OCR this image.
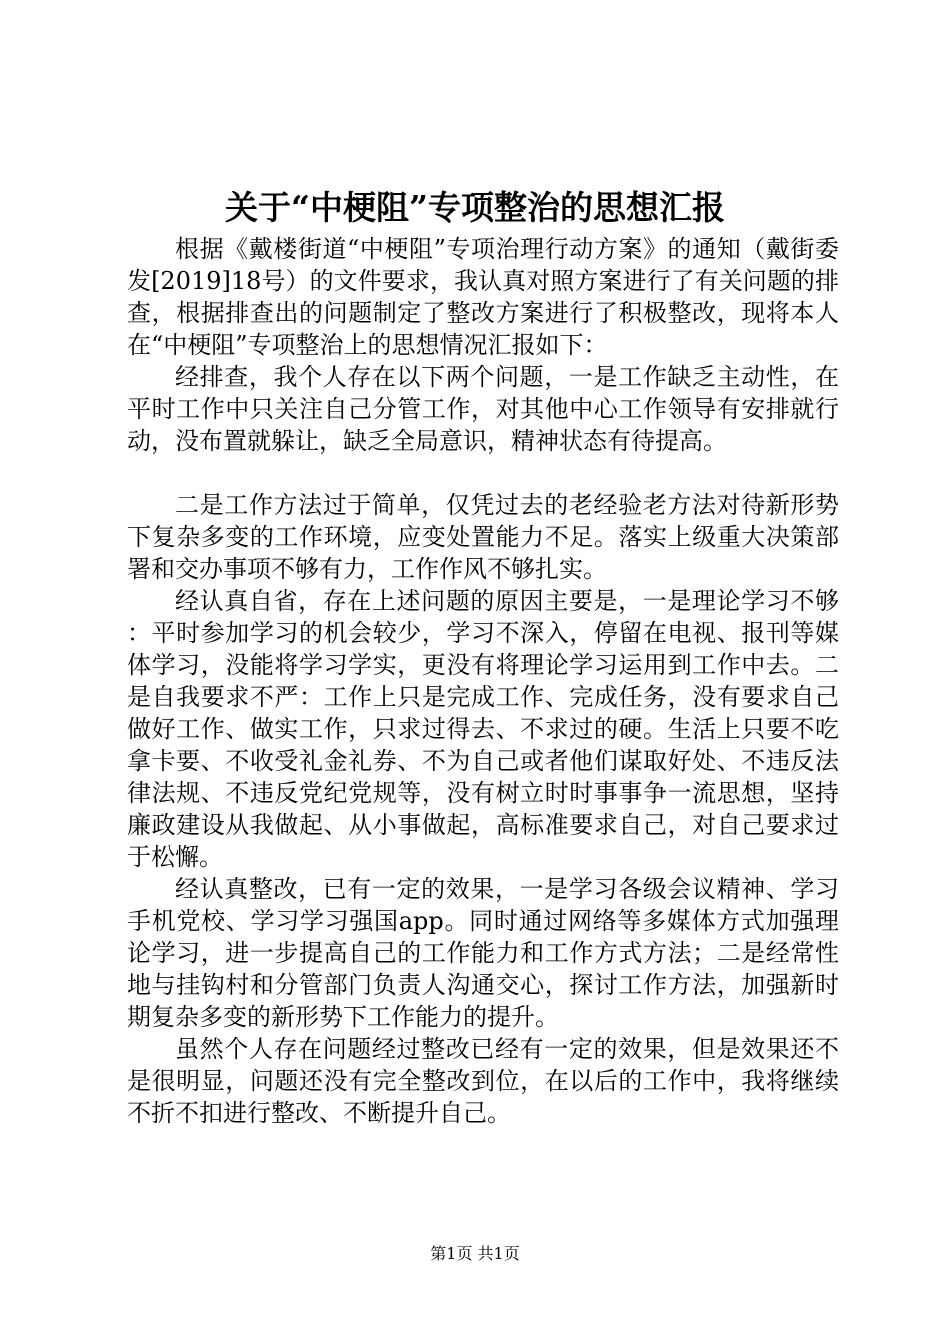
关于“中梗阻”专项整治的思想汇报

根据《戴楼街道“中梗阻”专项治理行动方案》的通知（戴街委发[2019]18号）的文件要求，我认真对照方案进行了有关问题的排查，根据排查出的问题制定了整改方案进行了积极整改，现将本人在“中梗阻”专项整治上的思想情况汇报如下：

经排查，我个人存在以下两个问题，一是工作缺乏主动性，在平时工作中只关注自己分管工作，对其他中心工作领导有安排就行动，没布置就躲让，缺乏全局意识，精神状态有待提高。

二是工作方法过于简单，仅凭过去的老经验老方法对待新形势下复杂多变的工作环境，应变处置能力不足。落实上级重大决策部署和交办事项不够有力，工作作风不够扎实。

经认真自省，存在上述问题的原因主要是，一是理论学习不够：平时参加学习的机会较少，学习不深入，停留在电视、报刊等媒体学习，没能将学习学实，更没有将理论学习运用到工作中去。二是自我要求不严：工作上只是完成工作、完成任务，没有要求自己做好工作、做实工作，只求过得去、不求过的硬。生活上只要不吃拿卡要、不收受礼金礼券、不为自己或者他们谋取好处、不违反法律法规、不违反党纪党规等，没有树立时时事事争一流思想，坚持廉政建设从我做起、从小事做起，高标准要求自己，对自己要求过于松懈。

经认真整改，已有一定的效果，一是学习各级会议精神、学习手机党校、学习学习强国app。同时通过网络等多媒体方式加强理论学习，进一步提高自己的工作能力和工作方式方法；二是经常性地与挂钩村和分管部门负责人沟通交心，探讨工作方法，加强新时期复杂多变的新形势下工作能力的提升。

虽然个人存在问题经过整改已经有一定的效果，但是效果还不是很明显，问题还没有完全整改到位，在以后的工作中，我将继续不折不扣进行整改、不断提升自己。

第1页 共1页
